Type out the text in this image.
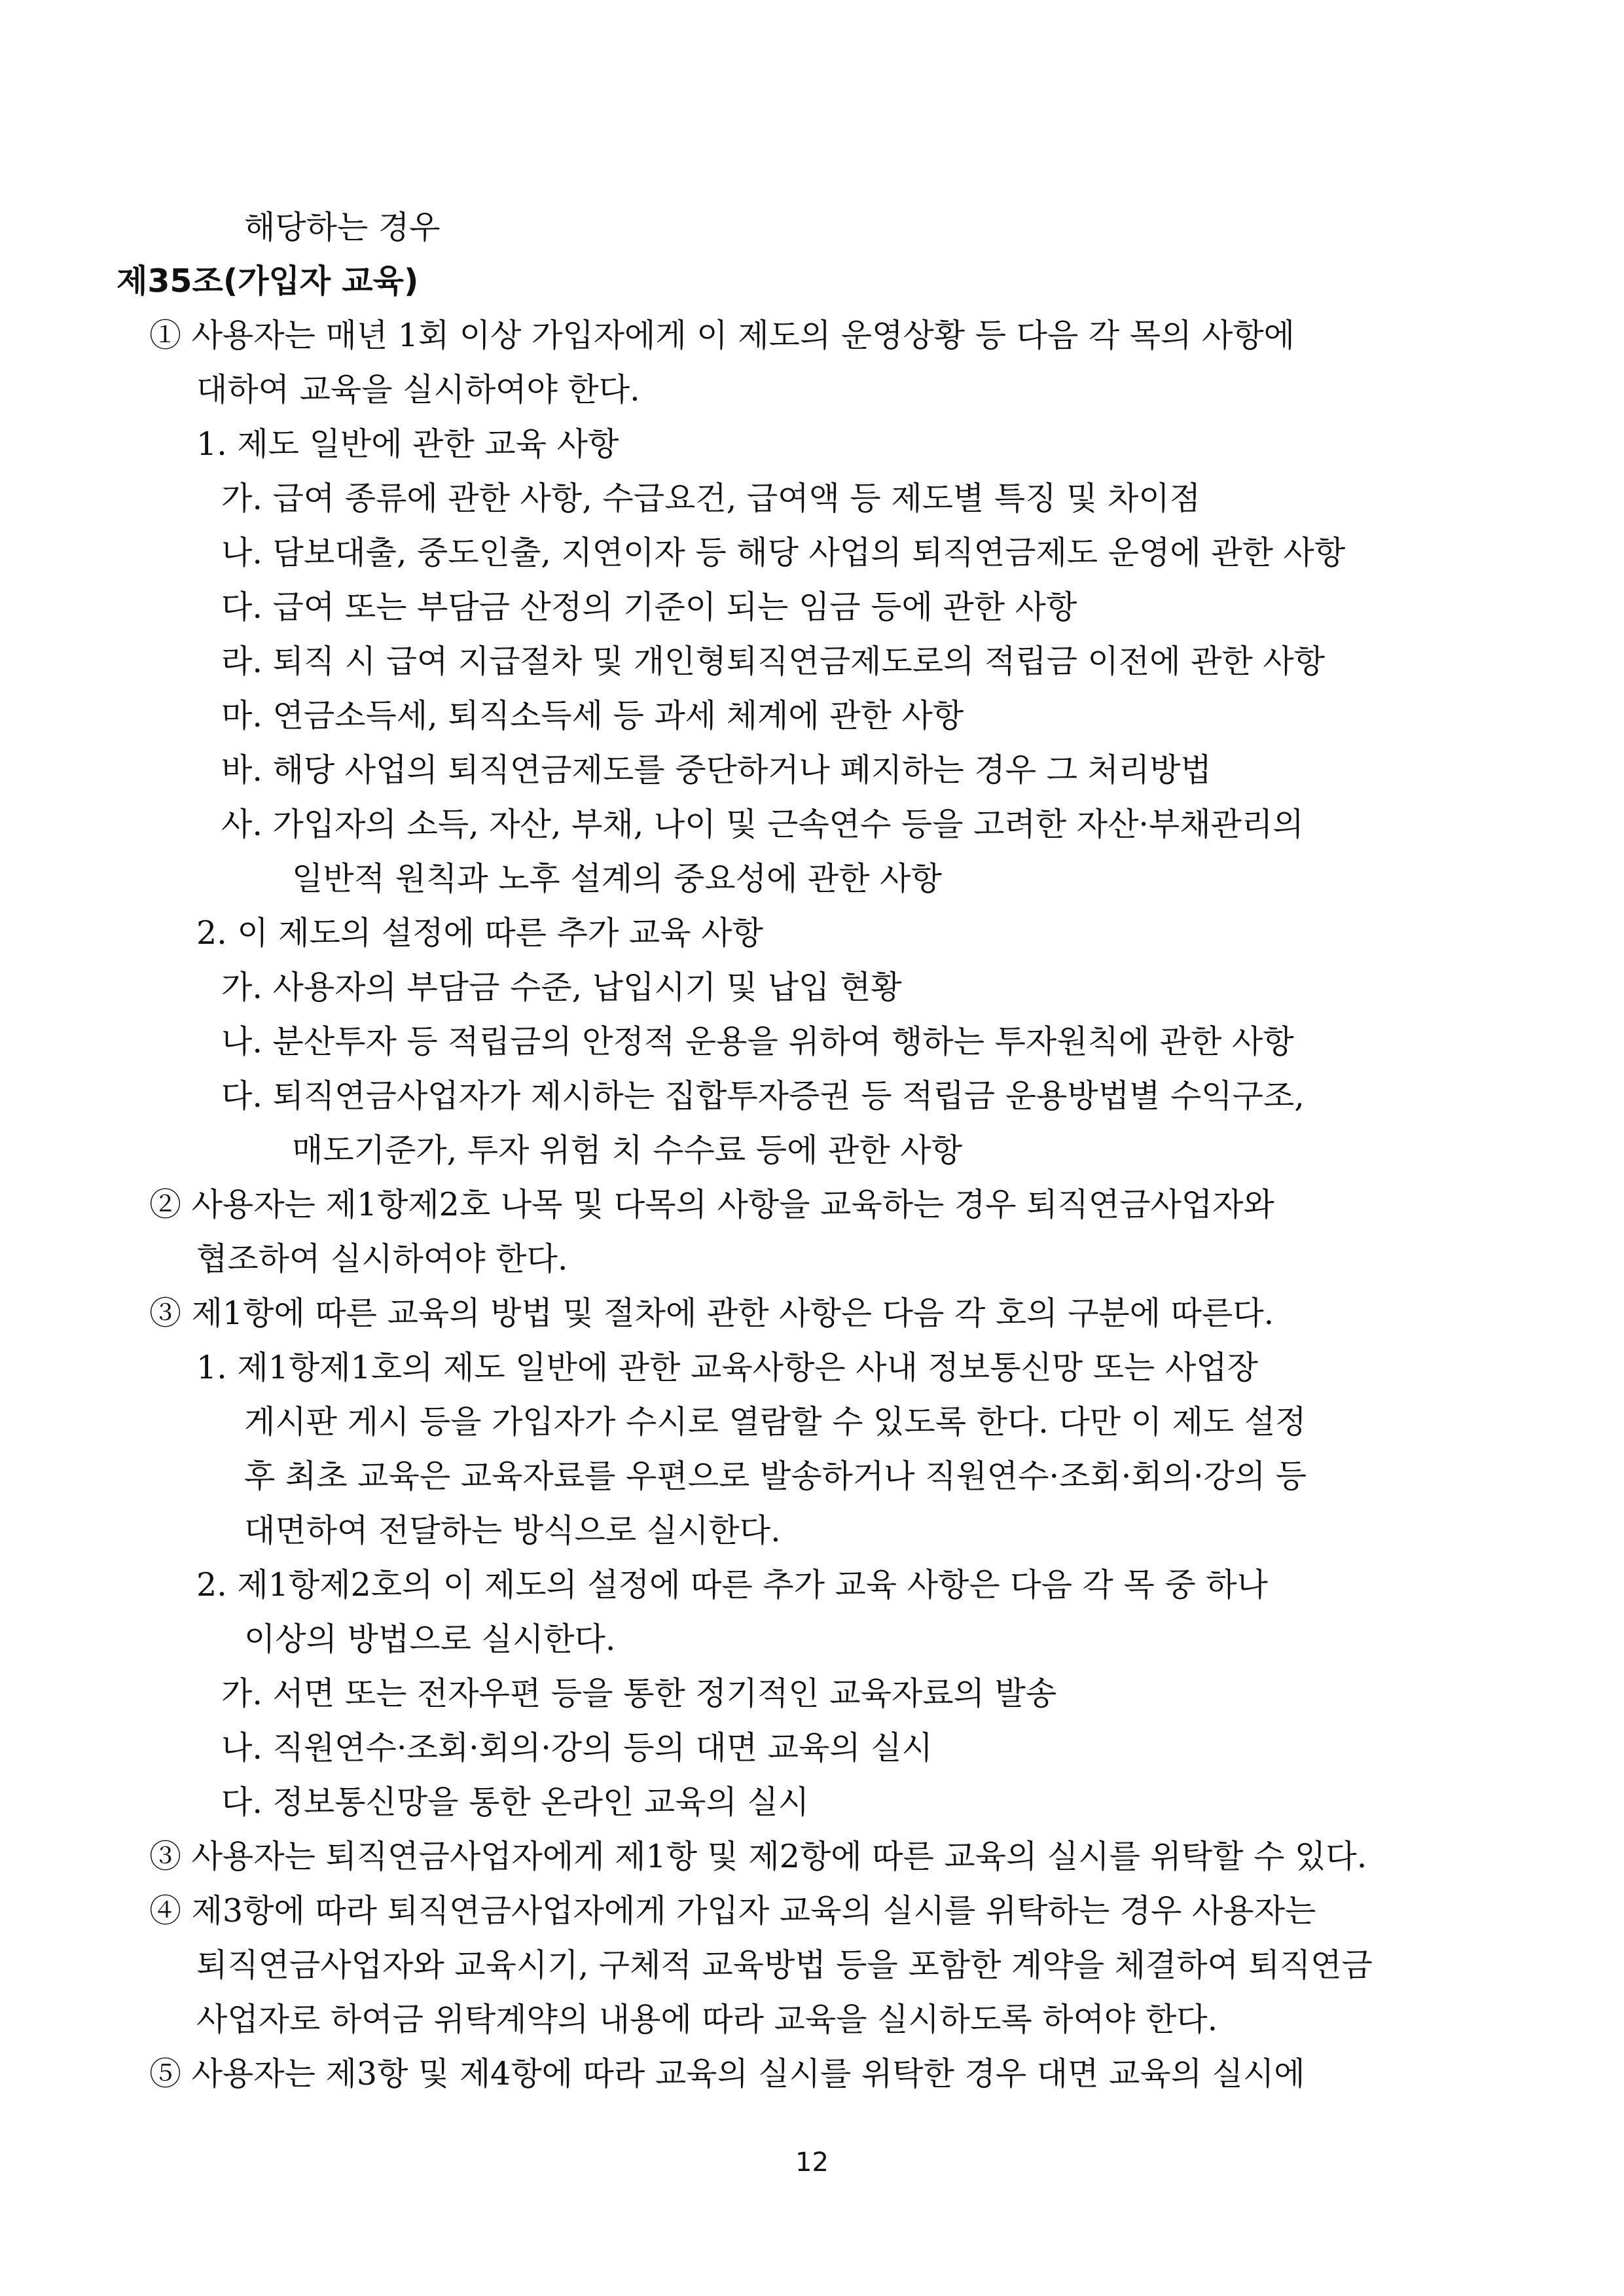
해당하는 경우
제35조(가입자 교육)
① 사용자는 매년 1회 이상 가입자에게 이 제도의 운영상황 등 다음 각 목의 사항에
대하여 교육을 실시하여야 한다.
1. 제도 일반에 관한 교육 사항
가. 급여 종류에 관한 사항, 수급요건, 급여액 등 제도별 특징 및 차이점
나. 담보대출, 중도인출, 지연이자 등 해당 사업의 퇴직연금제도 운영에 관한 사항
다. 급여 또는 부담금 산정의 기준이 되는 임금 등에 관한 사항
라. 퇴직 시 급여 지급절차 및 개인형퇴직연금제도로의 적립금 이전에 관한 사항
마. 연금소득세, 퇴직소득세 등 과세 체계에 관한 사항
바. 해당 사업의 퇴직연금제도를 중단하거나 폐지하는 경우 그 처리방법
사. 가입자의 소득, 자산, 부채, 나이 및 근속연수 등을 고려한 자산·부채관리의
일반적 원칙과 노후 설계의 중요성에 관한 사항
2. 이 제도의 설정에 따른 추가 교육 사항
가. 사용자의 부담금 수준, 납입시기 및 납입 현황
나. 분산투자 등 적립금의 안정적 운용을 위하여 행하는 투자원칙에 관한 사항
다. 퇴직연금사업자가 제시하는 집합투자증권 등 적립금 운용방법별 수익구조,
매도기준가, 투자 위험 치 수수료 등에 관한 사항
② 사용자는 제1항제2호 나목 및 다목의 사항을 교육하는 경우 퇴직연금사업자와
협조하여 실시하여야 한다.
③ 제1항에 따른 교육의 방법 및 절차에 관한 사항은 다음 각 호의 구분에 따른다.
1. 제1항제1호의 제도 일반에 관한 교육사항은 사내 정보통신망 또는 사업장
게시판 게시 등을 가입자가 수시로 열람할 수 있도록 한다. 다만 이 제도 설정
후 최초 교육은 교육자료를 우편으로 발송하거나 직원연수·조회·회의·강의 등
대면하여 전달하는 방식으로 실시한다.
2. 제1항제2호의 이 제도의 설정에 따른 추가 교육 사항은 다음 각 목 중 하나
이상의 방법으로 실시한다.
가. 서면 또는 전자우편 등을 통한 정기적인 교육자료의 발송
나. 직원연수·조회·회의·강의 등의 대면 교육의 실시
다. 정보통신망을 통한 온라인 교육의 실시
③ 사용자는 퇴직연금사업자에게 제1항 및 제2항에 따른 교육의 실시를 위탁할 수 있다.
④ 제3항에 따라 퇴직연금사업자에게 가입자 교육의 실시를 위탁하는 경우 사용자는
퇴직연금사업자와 교육시기, 구체적 교육방법 등을 포함한 계약을 체결하여 퇴직연금
사업자로 하여금 위탁계약의 내용에 따라 교육을 실시하도록 하여야 한다.
⑤ 사용자는 제3항 및 제4항에 따라 교육의 실시를 위탁한 경우 대면 교육의 실시에
12
